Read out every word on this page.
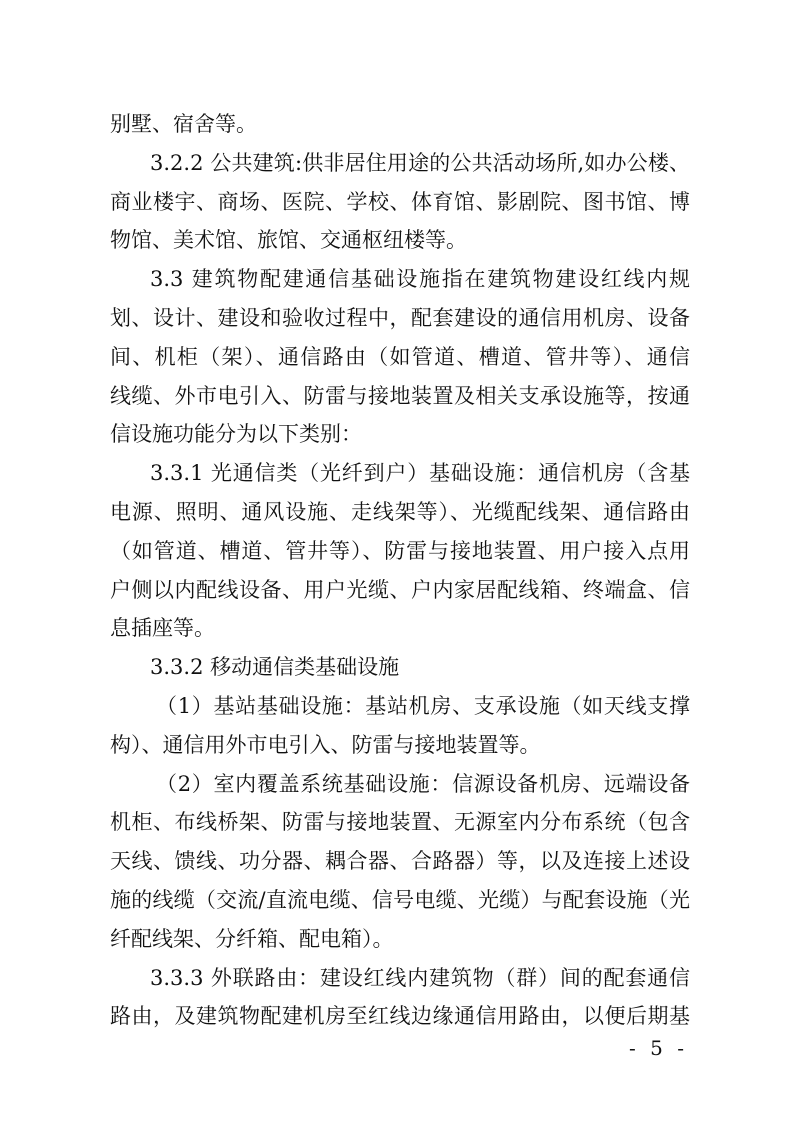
别墅、宿舍等。
3.2.2 公共建筑:供非居住用途的公共活动场所,如办公楼、
商业楼宇、商场、医院、学校、体育馆、影剧院、图书馆、博
物馆、美术馆、旅馆、交通枢纽楼等。
3.3 建筑物配建通信基础设施指在建筑物建设红线内规
划、设计、建设和验收过程中，配套建设的通信用机房、设备
间、机柜（架）、通信路由（如管道、槽道、管井等）、通信
线缆、外市电引入、防雷与接地装置及相关支承设施等，按通
信设施功能分为以下类别：
3.3.1 光通信类（光纤到户）基础设施：通信机房（含基
电源、照明、通风设施、走线架等）、光缆配线架、通信路由
（如管道、槽道、管井等）、防雷与接地装置、用户接入点用
户侧以内配线设备、用户光缆、户内家居配线箱、终端盒、信
息插座等。
3.3.2 移动通信类基础设施
（1）基站基础设施：基站机房、支承设施（如天线支撑
构）、通信用外市电引入、防雷与接地装置等。
（2）室内覆盖系统基础设施：信源设备机房、远端设备
机柜、布线桥架、防雷与接地装置、无源室内分布系统（包含
天线、馈线、功分器、耦合器、合路器）等，以及连接上述设
施的线缆（交流/直流电缆、信号电缆、光缆）与配套设施（光
纤配线架、分纤箱、配电箱）。
3.3.3 外联路由：建设红线内建筑物（群）间的配套通信
路由，及建筑物配建机房至红线边缘通信用路由，以便后期基
- 5 -
